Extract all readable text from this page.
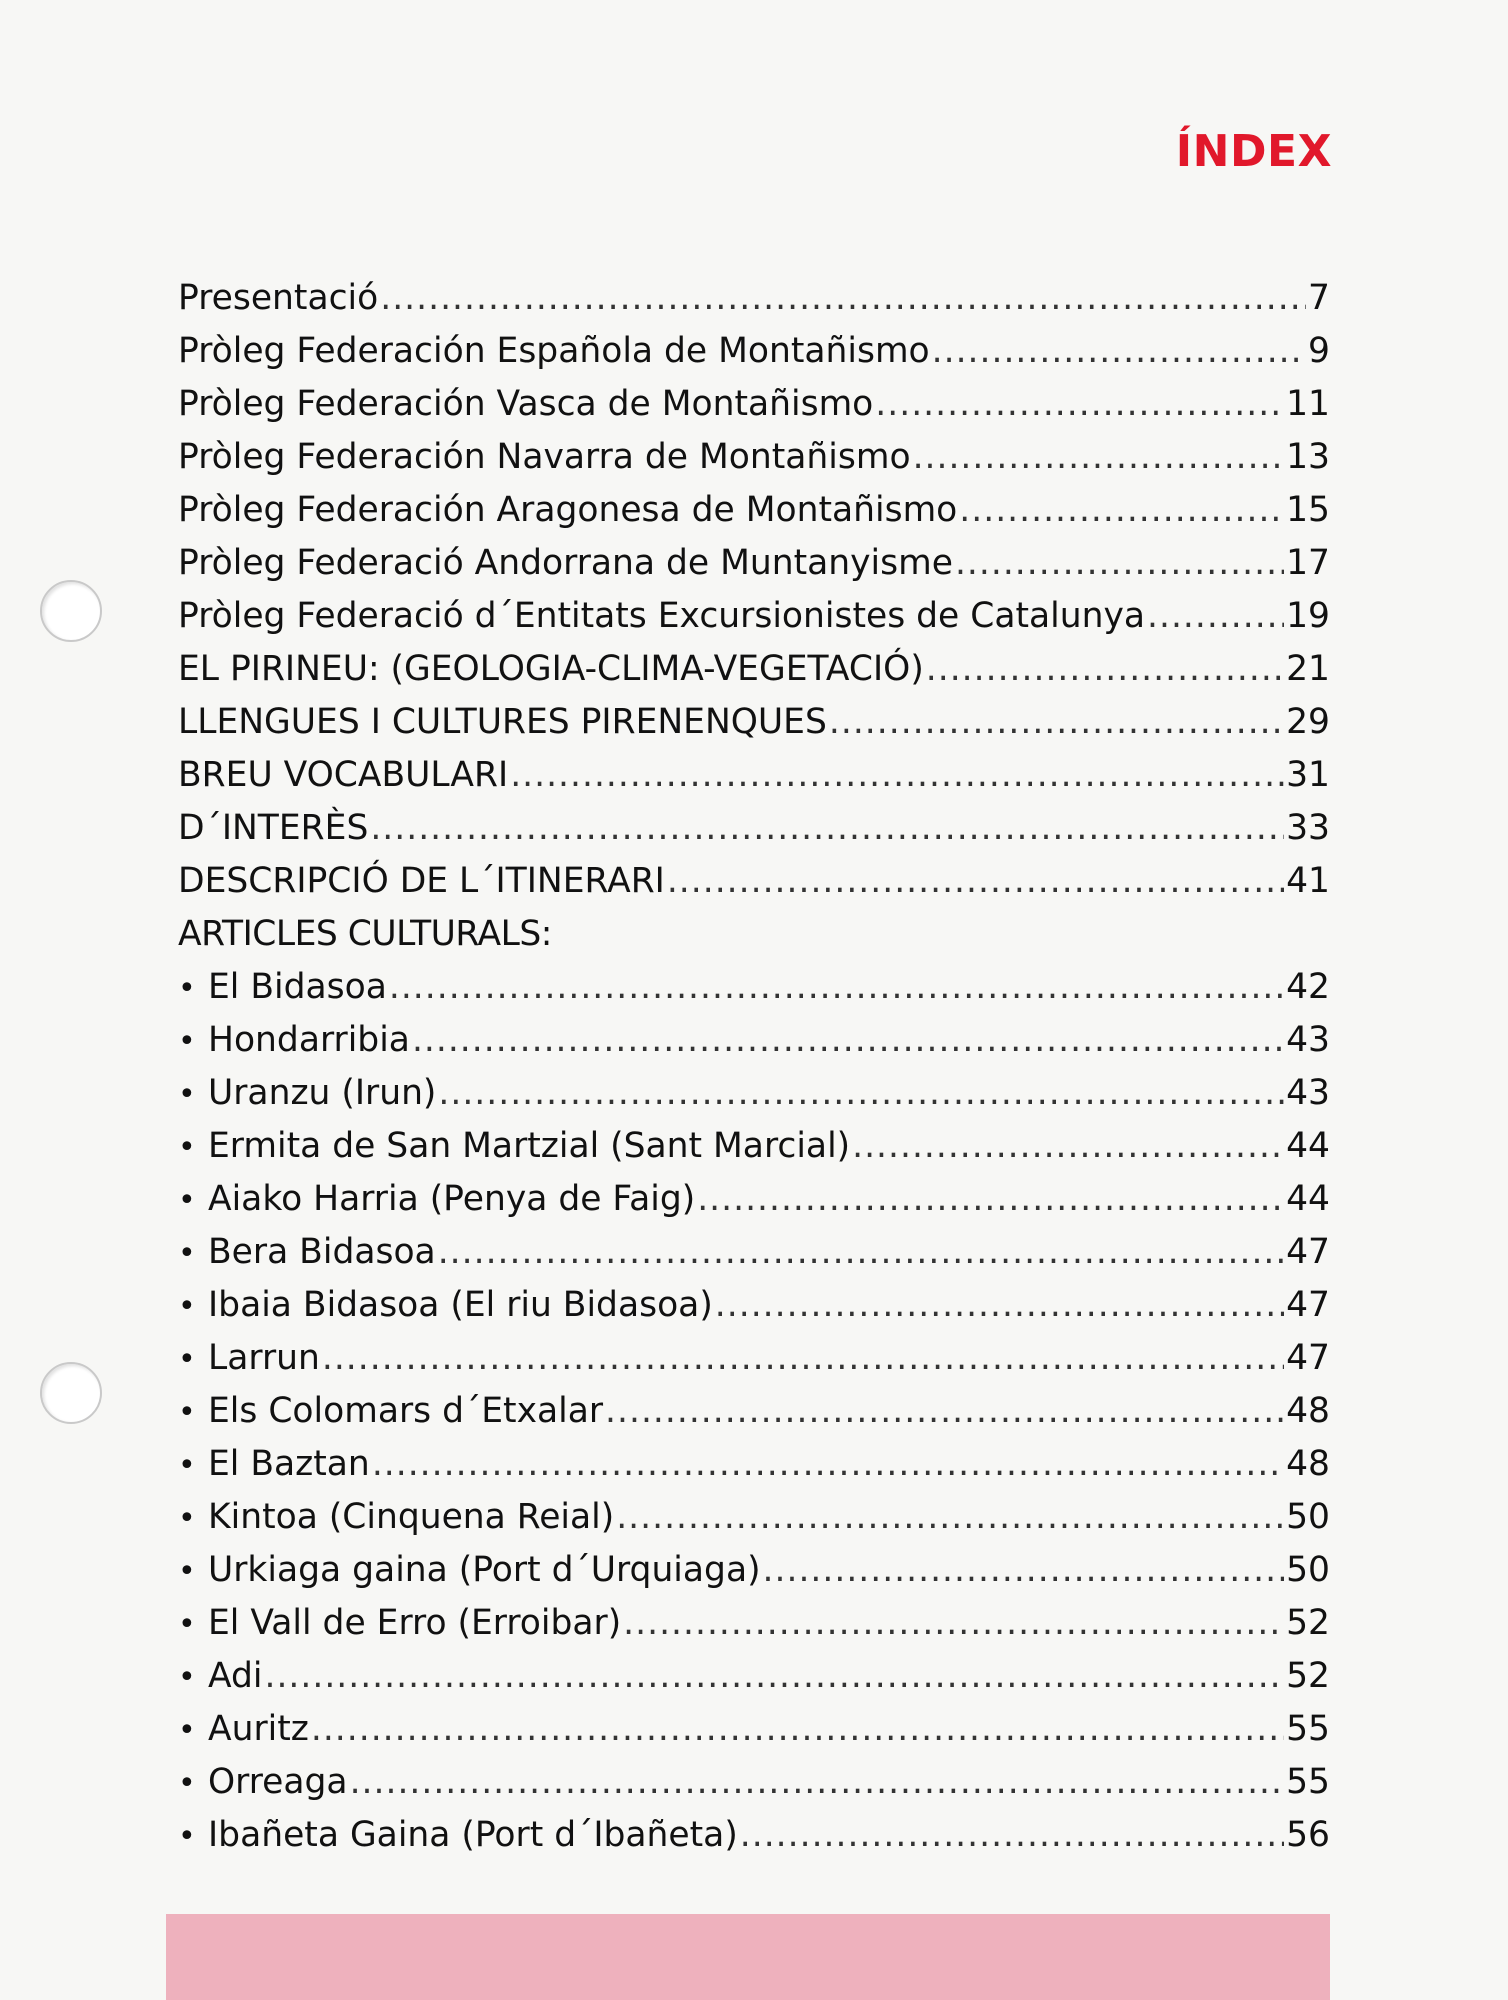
ÍNDEX
Presentació .....	7
Pròleg Federación Española de Montañismo .....	9
Pròleg Federación Vasca de Montañismo .....	11
Pròleg Federación Navarra de Montañismo .....	13
Pròleg Federación Aragonesa de Montañismo .....	15
Pròleg Federació Andorrana de Muntanyisme .....	17
Pròleg Federació d´Entitats Excursionistes de Catalunya .....	19
EL PIRINEU: (GEOLOGIA-CLIMA-VEGETACIÓ) .....	21
LLENGUES I CULTURES PIRENENQUES .....	29
BREU VOCABULARI .....	31
D´INTERÈS .....	33
DESCRIPCIÓ DE L´ITINERARI .....	41
ARTICLES CULTURALS:
• El Bidasoa .....	42
• Hondarribia .....	43
• Uranzu (Irun) .....	43
• Ermita de San Martzial (Sant Marcial) .....	44
• Aiako Harria (Penya de Faig) .....	44
• Bera Bidasoa .....	47
• Ibaia Bidasoa (El riu Bidasoa) .....	47
• Larrun .....	47
• Els Colomars d´Etxalar .....	48
• El Baztan .....	48
• Kintoa (Cinquena Reial) .....	50
• Urkiaga gaina (Port d´Urquiaga) .....	50
• El Vall de Erro (Erroibar) .....	52
• Adi .....	52
• Auritz .....	55
• Orreaga .....	55
• Ibañeta Gaina (Port d´Ibañeta) .....	56
